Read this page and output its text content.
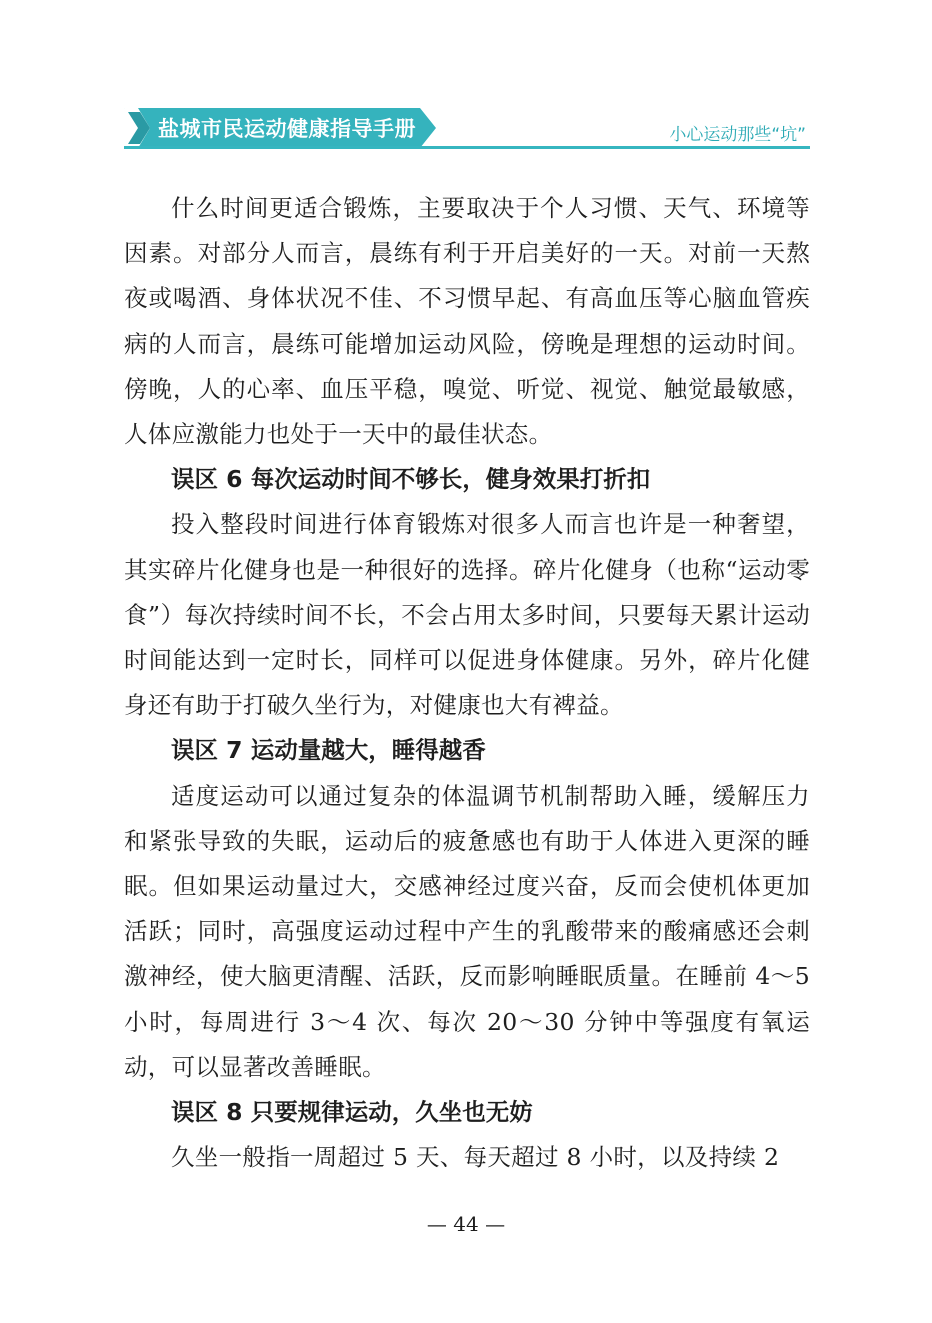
盐城市民运动健康指导手册	小心运动那些“坑”

什么时间更适合锻炼，主要取决于个人习惯、天气、环境等因素。对部分人而言，晨练有利于开启美好的一天。对前一天熬夜或喝酒、身体状况不佳、不习惯早起、有高血压等心脑血管疾病的人而言，晨练可能增加运动风险，傍晚是理想的运动时间。傍晚，人的心率、血压平稳，嗅觉、听觉、视觉、触觉最敏感，人体应激能力也处于一天中的最佳状态。

误区 6 每次运动时间不够长，健身效果打折扣

投入整段时间进行体育锻炼对很多人而言也许是一种奢望，其实碎片化健身也是一种很好的选择。碎片化健身（也称“运动零食”）每次持续时间不长，不会占用太多时间，只要每天累计运动时间能达到一定时长，同样可以促进身体健康。另外，碎片化健身还有助于打破久坐行为，对健康也大有裨益。

误区 7 运动量越大，睡得越香

适度运动可以通过复杂的体温调节机制帮助入睡，缓解压力和紧张导致的失眠，运动后的疲惫感也有助于人体进入更深的睡眠。但如果运动量过大，交感神经过度兴奋，反而会使机体更加活跃；同时，高强度运动过程中产生的乳酸带来的酸痛感还会刺激神经，使大脑更清醒、活跃，反而影响睡眠质量。在睡前 4～5 小时，每周进行 3～4 次、每次 20～30 分钟中等强度有氧运动，可以显著改善睡眠。

误区 8 只要规律运动，久坐也无妨

久坐一般指一周超过 5 天、每天超过 8 小时，以及持续 2

— 44 —
